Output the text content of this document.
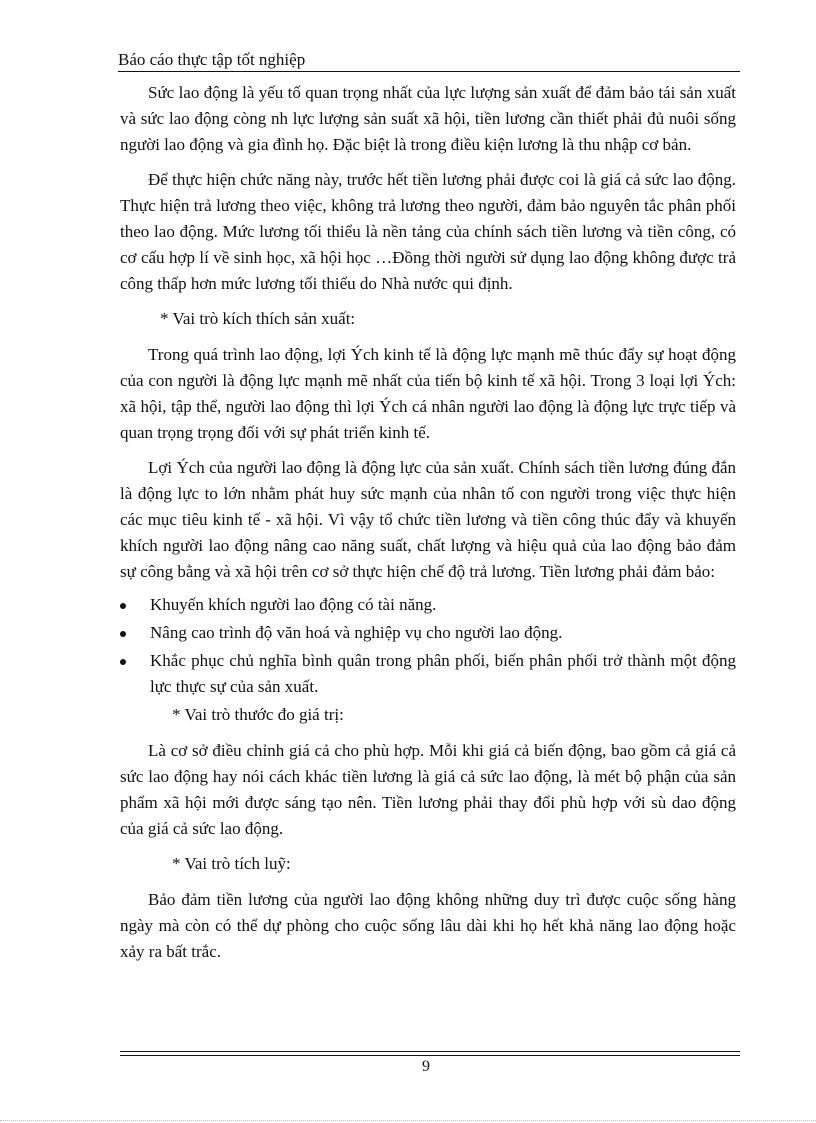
Báo cáo thực tập tốt nghiệp

Sức lao động là yếu tố quan trọng nhất của lực lượng sản xuất để đảm bảo tái sản xuất và sức lao động còng nh lực lượng sản suất xã hội, tiền lương cần thiết phải đủ nuôi sống người lao động và gia đình họ. Đặc biệt là trong điều kiện lương là thu nhập cơ bản.

Để thực hiện chức năng này, trước hết tiền lương phải được coi là giá cả sức lao động. Thực hiện trả lương theo việc, không trả lương theo người, đảm bảo nguyên tắc phân phối theo lao động. Mức lương tối thiểu là nền tảng của chính sách tiền lương và tiền công, có cơ cấu hợp lí về sinh học, xã hội học …Đồng thời người sử dụng lao động không được trả công thấp hơn mức lương tối thiểu do Nhà nước qui định.

* Vai trò kích thích sản xuất:

Trong quá trình lao động, lợi Ých kinh tế là động lực mạnh mẽ thúc đẩy sự hoạt động của con người là động lực mạnh mẽ nhất của tiến bộ kinh tế xã hội. Trong 3 loại lợi Ých: xã hội, tập thể, người lao động thì lợi Ých cá nhân người lao động là động lực trực tiếp và quan trọng trọng đối với sự phát triển kinh tế.

Lợi Ých của người lao động là động lực của sản xuất. Chính sách tiền lương đúng đắn là động lực to lớn nhằm phát huy sức mạnh của nhân tố con người trong việc thực hiện các mục tiêu kinh tế - xã hội. Vì vậy tổ chức tiền lương và tiền công thúc đẩy và khuyến khích người lao động nâng cao năng suất, chất lượng và hiệu quả của lao động bảo đảm sự công bằng và xã hội trên cơ sở thực hiện chế độ trả lương. Tiền lương phải đảm bảo:

Khuyến khích người lao động có tài năng.
Nâng cao trình độ văn hoá và nghiệp vụ cho người lao động.
Khắc phục chủ nghĩa bình quân trong phân phối, biến phân phối trở thành một động lực thực sự của sản xuất.

* Vai trò thước đo giá trị:

Là cơ sở điều chỉnh giá cả cho phù hợp. Mỗi khi giá cả biến động, bao gồm cả giá cả sức lao động hay nói cách khác tiền lương là giá cả sức lao động, là mét bộ phận của sản phẩm xã hội mới được sáng tạo nên. Tiền lương phải thay đổi phù hợp với sù dao động của giá cả sức lao động.

* Vai trò tích luỹ:

Bảo đảm tiền lương của người lao động không những duy trì được cuộc sống hàng ngày mà còn có thể dự phòng cho cuộc sống lâu dài khi họ hết khả năng lao động hoặc xảy ra bất trắc.

9
